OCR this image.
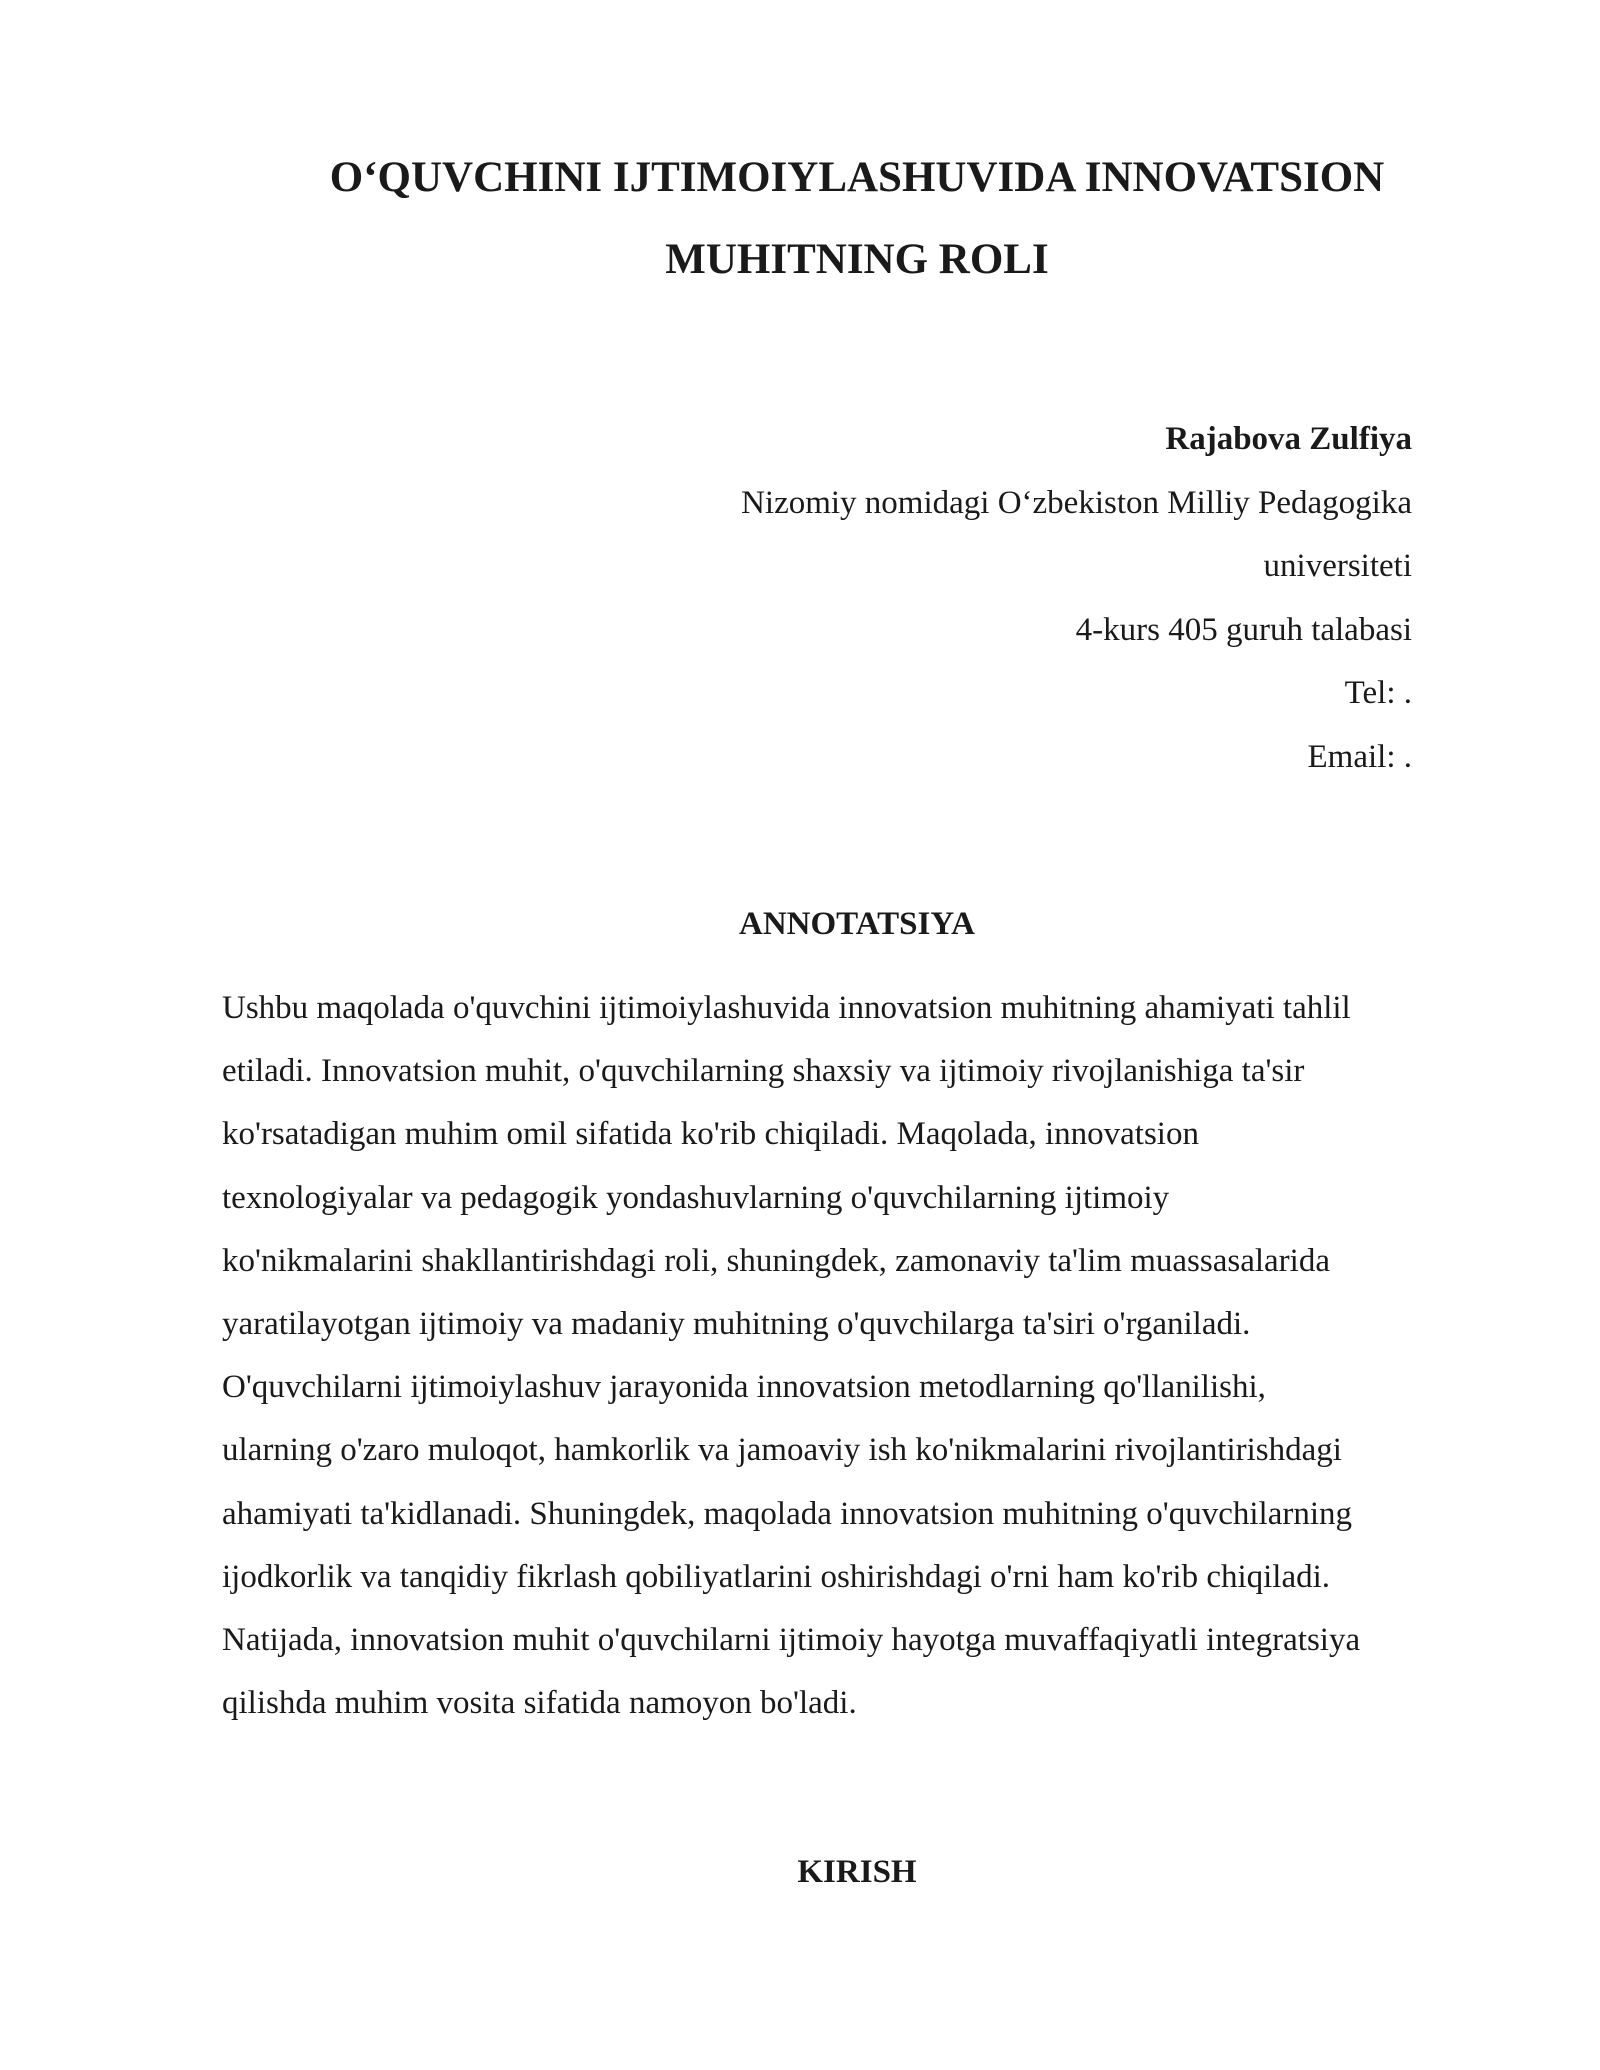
O‘QUVCHINI IJTIMOIYLASHUVIDA INNOVATSION
MUHITNING ROLI
Rajabova Zulfiya
Nizomiy nomidagi O‘zbekiston Milliy Pedagogika
universiteti
4-kurs 405 guruh talabasi
Tel: .
Email: .
ANNOTATSIYA

Ushbu maqolada o'quvchini ijtimoiylashuvida innovatsion muhitning ahamiyati tahlil
etiladi. Innovatsion muhit, o'quvchilarning shaxsiy va ijtimoiy rivojlanishiga ta'sir
ko'rsatadigan muhim omil sifatida ko'rib chiqiladi. Maqolada, innovatsion
texnologiyalar va pedagogik yondashuvlarning o'quvchilarning ijtimoiy
ko'nikmalarini shakllantirishdagi roli, shuningdek, zamonaviy ta'lim muassasalarida
yaratilayotgan ijtimoiy va madaniy muhitning o'quvchilarga ta'siri o'rganiladi.
O'quvchilarni ijtimoiylashuv jarayonida innovatsion metodlarning qo'llanilishi,
ularning o'zaro muloqot, hamkorlik va jamoaviy ish ko'nikmalarini rivojlantirishdagi
ahamiyati ta'kidlanadi. Shuningdek, maqolada innovatsion muhitning o'quvchilarning
ijodkorlik va tanqidiy fikrlash qobiliyatlarini oshirishdagi o'rni ham ko'rib chiqiladi.
Natijada, innovatsion muhit o'quvchilarni ijtimoiy hayotga muvaffaqiyatli integratsiya
qilishda muhim vosita sifatida namoyon bo'ladi.

KIRISH
